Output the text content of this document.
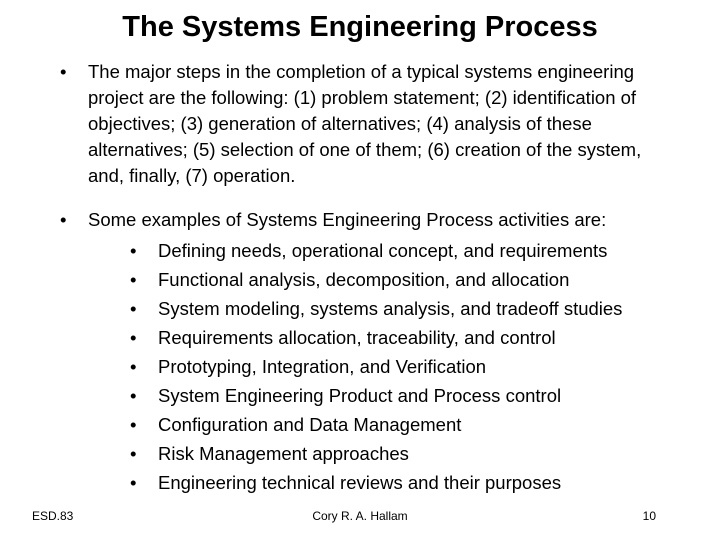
The Systems Engineering Process
• The major steps in the completion of a typical systems engineering project are the following: (1) problem statement; (2) identification of objectives; (3) generation of alternatives; (4) analysis of these alternatives; (5) selection of one of them; (6) creation of the system, and, finally, (7) operation.
• Some examples of Systems Engineering Process activities are:
• Defining needs, operational concept, and requirements
• Functional analysis, decomposition, and allocation
• System modeling, systems analysis, and tradeoff studies
• Requirements allocation, traceability, and control
• Prototyping, Integration, and Verification
• System Engineering Product and Process control
• Configuration and Data Management
• Risk Management approaches
• Engineering technical reviews and their purposes
ESD.83	Cory R. A. Hallam	10
